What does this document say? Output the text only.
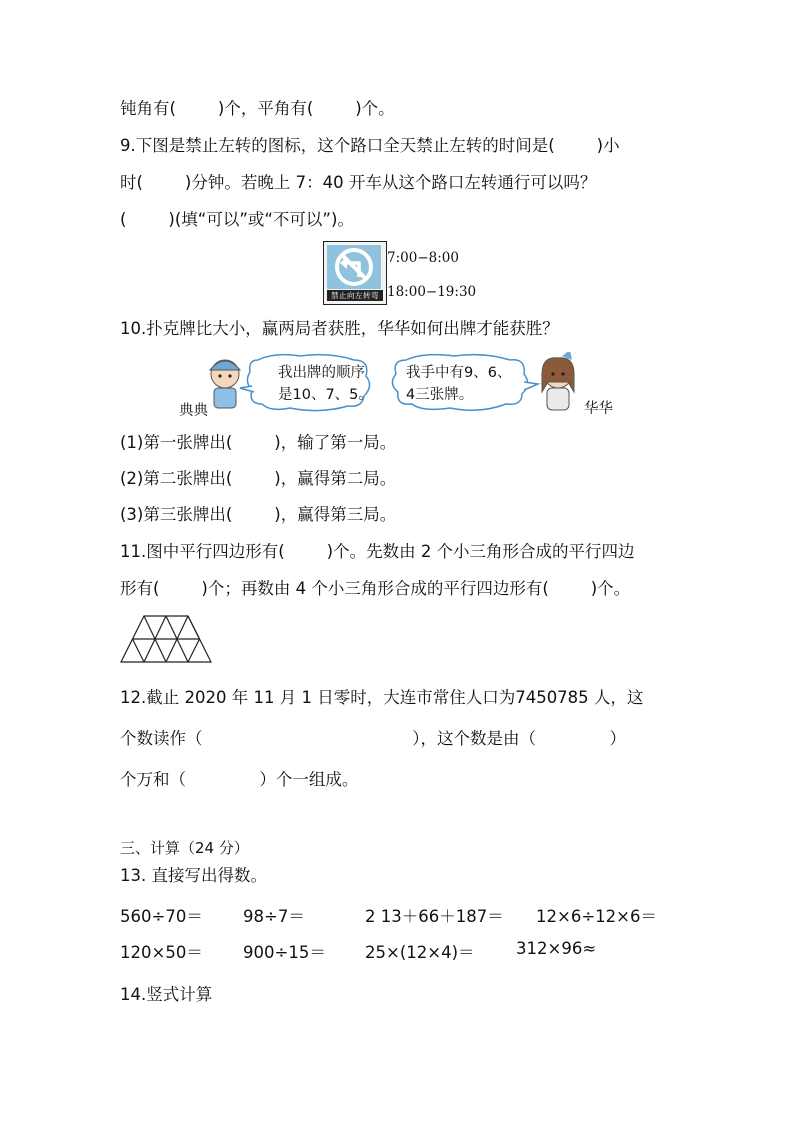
钝角有(        )个，平角有(        )个。
9.下图是禁止左转的图标，这个路口全天禁止左转的时间是(        )小
时(        )分钟。若晚上 7：40 开车从这个路口左转通行可以吗？
(        )(填“可以”或“不可以”)。
禁止向左转弯
7:00−8:00
18:00−19:30
10.扑克牌比大小，赢两局者获胜，华华如何出牌才能获胜？
典典
我出牌的顺序
是10、7、5。
我手中有9、6、
4三张牌。
华华
(1)第一张牌出(        )，输了第一局。
(2)第二张牌出(        )，赢得第二局。
(3)第三张牌出(        )，赢得第三局。
11.图中平行四边形有(        )个。先数由 2 个小三角形合成的平行四边
形有(        )个；再数由 4 个小三角形合成的平行四边形有(        )个。
12.截止 2020 年 11 月 1 日零时，大连市常住人口为7450785 人，这
个数读作（                                        ），这个数是由（              ）
个万和（              ）个一组成。
三、计算（24 分）
13. 直接写出得数。
560÷70＝ 98÷7＝	2 13＋66＋187＝ 12×6÷12×6＝
120×50＝ 900÷15＝ 25×(12×4)＝	312×96≈
14.竖式计算
